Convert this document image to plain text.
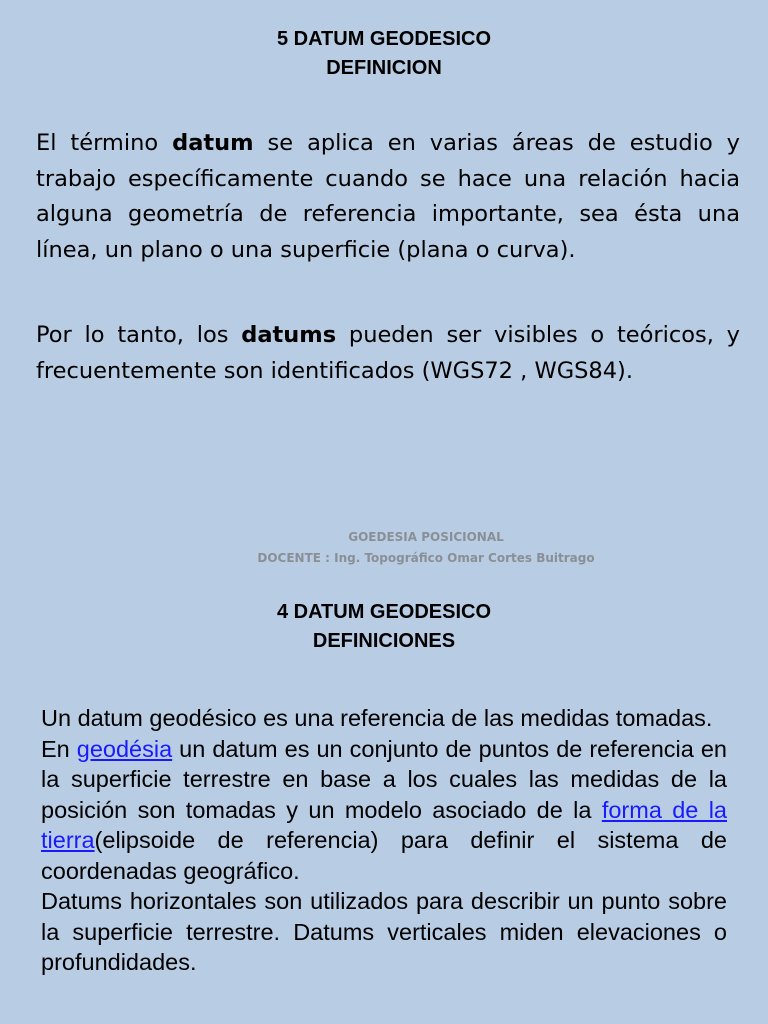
5 DATUM GEODESICO
DEFINICION

El término datum se aplica en varias áreas de estudio y trabajo específicamente cuando se hace una relación hacia alguna geometría de referencia importante, sea ésta una línea, un plano o una superficie (plana o curva).

Por lo tanto, los datums pueden ser visibles o teóricos, y frecuentemente son identificados (WGS72 , WGS84).

GOEDESIA POSICIONAL
DOCENTE : Ing. Topográfico Omar Cortes Buitrago
4 DATUM GEODESICO
DEFINICIONES

Un datum geodésico es una referencia de las medidas tomadas.

En geodésia un datum es un conjunto de puntos de referencia en la superficie terrestre en base a los cuales las medidas de la posición son tomadas y un modelo asociado de la forma de la tierra(elipsoide de referencia) para definir el sistema de coordenadas geográfico.

Datums horizontales son utilizados para describir un punto sobre la superficie terrestre. Datums verticales miden elevaciones o profundidades.
